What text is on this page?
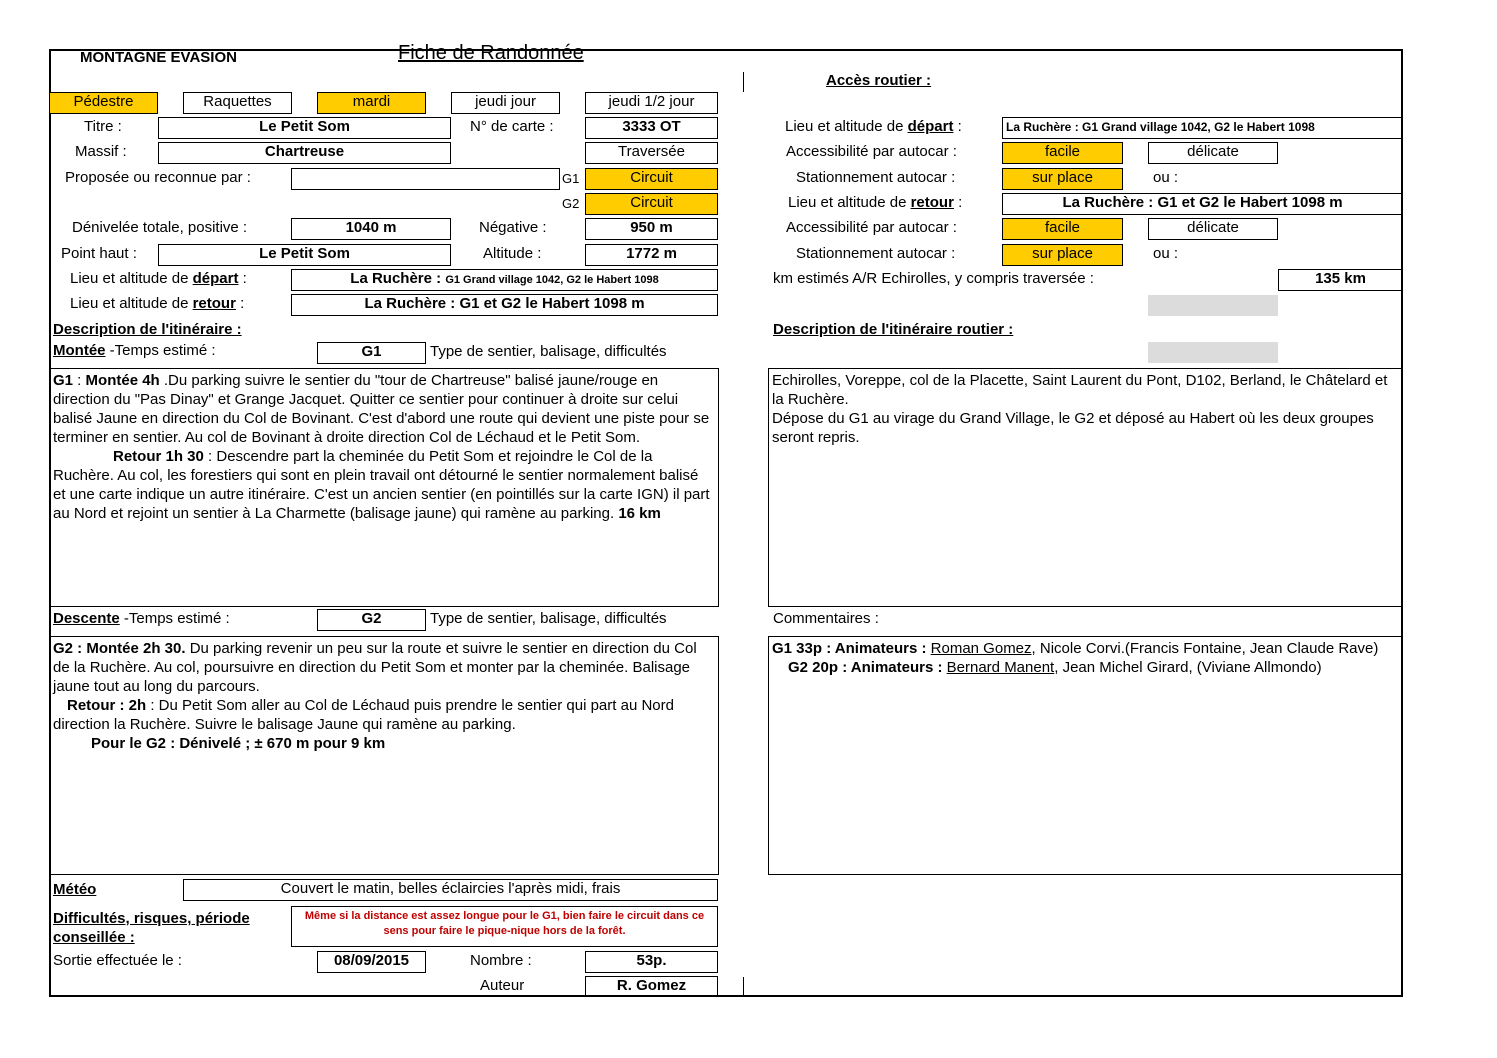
MONTAGNE EVASION	Fiche de Randonnée
Accès routier :
Pédestre	Raquettes	mardi	jeudi jour	jeudi 1/2 jour
Titre :	Le Petit Som	N° de carte :	3333 OT
Massif :	Chartreuse	Traversée
Proposée ou reconnue par :	G1	Circuit
G2	Circuit
Dénivelée totale, positive :	1040 m	Négative :	950 m
Point haut :	Le Petit Som	Altitude :	1772 m
Lieu et altitude de départ :	La Ruchère : G1 Grand village 1042, G2 le Habert 1098
Lieu et altitude de retour :	La Ruchère : G1 et G2 le Habert 1098 m
Description de l'itinéraire :
Montée -Temps estimé :	G1	Type de sentier, balisage, difficultés
G1 : Montée 4h .Du parking suivre le sentier du "tour de Chartreuse" balisé jaune/rouge en direction du "Pas Dinay" et Grange Jacquet. Quitter ce sentier pour continuer à droite sur celui balisé Jaune en direction du Col de Bovinant. C'est d'abord une route qui devient une piste pour se terminer en sentier. Au col de Bovinant à droite direction Col de Léchaud et le Petit Som.
Retour 1h 30 : Descendre part la cheminée du Petit Som et rejoindre le Col de la Ruchère. Au col, les forestiers qui sont en plein travail ont détourné le sentier normalement balisé et une carte indique un autre itinéraire. C'est un ancien sentier (en pointillés sur la carte IGN) il part au Nord et rejoint un sentier à La Charmette (balisage jaune) qui ramène au parking. 16 km
Descente -Temps estimé :	G2	Type de sentier, balisage, difficultés
G2 : Montée 2h 30. Du parking revenir un peu sur la route et suivre le sentier en direction du Col de la Ruchère. Au col, poursuivre en direction du Petit Som et monter par la cheminée. Balisage jaune tout au long du parcours.
Retour : 2h : Du Petit Som aller au Col de Léchaud puis prendre le sentier qui part au Nord direction la Ruchère. Suivre le balisage Jaune qui ramène au parking.
Pour le G2 : Dénivelé ; ± 670 m pour 9 km
Météo	Couvert le matin, belles éclaircies l'après midi, frais
Difficultés, risques, période conseillée :
Même si la distance est assez longue pour le G1, bien faire le circuit dans ce sens pour faire le pique-nique hors de la forêt.
Sortie effectuée le :	08/09/2015	Nombre :	53p.
Auteur	R. Gomez
Lieu et altitude de départ :	La Ruchère : G1 Grand village 1042, G2 le Habert 1098
Accessibilité par autocar :	facile	délicate
Stationnement autocar :	sur place	ou :
Lieu et altitude de retour :	La Ruchère : G1 et G2 le Habert 1098 m
Accessibilité par autocar :	facile	délicate
Stationnement autocar :	sur place	ou :
km estimés A/R Echirolles, y compris traversée :	135 km
Description de l'itinéraire routier :
Echirolles, Voreppe, col de la Placette, Saint Laurent du Pont, D102, Berland, le Châtelard et la Ruchère.
Dépose du G1 au virage du Grand Village, le G2 et déposé au Habert où les deux groupes seront repris.
Commentaires :
G1 33p : Animateurs : Roman Gomez, Nicole Corvi.(Francis Fontaine, Jean Claude Rave)
G2 20p : Animateurs : Bernard Manent, Jean Michel Girard, (Viviane Allmondo)
